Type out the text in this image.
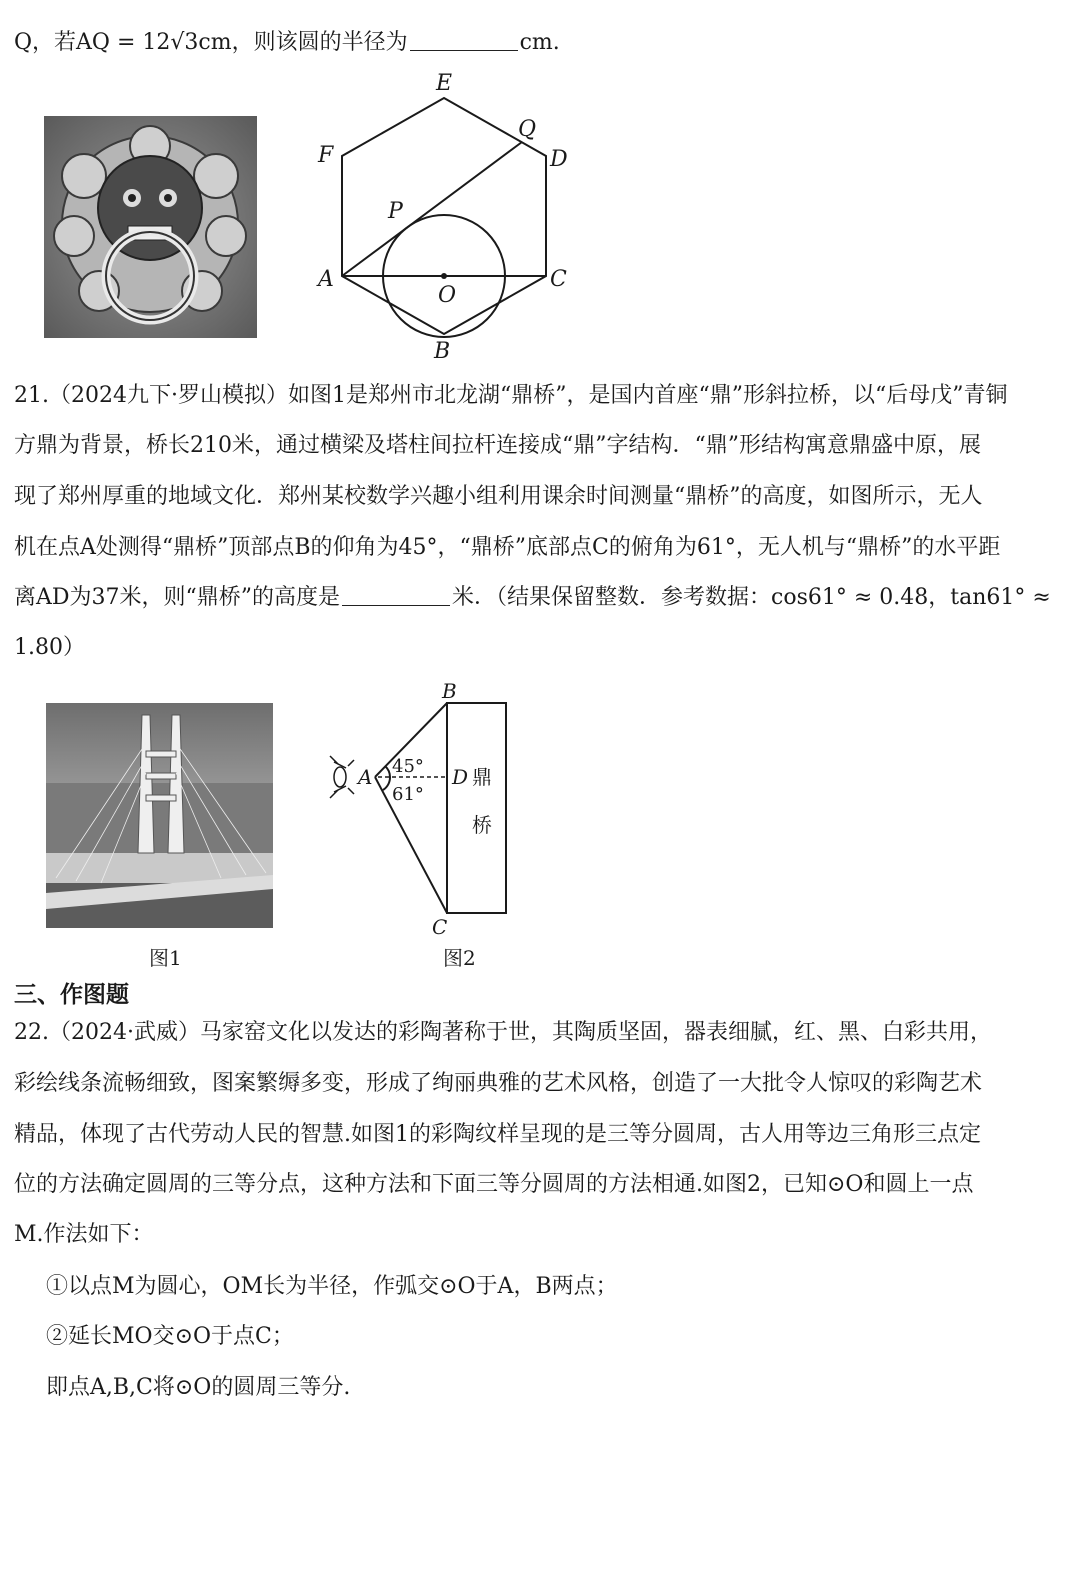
Q，若AQ = 12√3cm，则该圆的半径为	cm.
E
F
Q
D
P
A
O
C
B
21.（2024九下·罗山模拟）如图1是郑州市北龙湖“鼎桥”，是国内首座“鼎”形斜拉桥，以“后母戊”青铜
方鼎为背景，桥长210米，通过横梁及塔柱间拉杆连接成“鼎”字结构．“鼎”形结构寓意鼎盛中原，展
现了郑州厚重的地域文化．郑州某校数学兴趣小组利用课余时间测量“鼎桥”的高度，如图所示，无人
机在点A处测得“鼎桥”顶部点B的仰角为45°，“鼎桥”底部点C的俯角为61°，无人机与“鼎桥”的水平距
离AD为37米，则“鼎桥”的高度是	米．（结果保留整数．参考数据：cos61° ≈ 0.48，tan61° ≈
1.80）
B
A	D
C
45°
61°
鼎
桥
图1	图2
三、作图题
22.（2024·武威）马家窑文化以发达的彩陶著称于世，其陶质坚固，器表细腻，红、黑、白彩共用，
彩绘线条流畅细致，图案繁缛多变，形成了绚丽典雅的艺术风格，创造了一大批令人惊叹的彩陶艺术
精品，体现了古代劳动人民的智慧.如图1的彩陶纹样呈现的是三等分圆周，古人用等边三角形三点定
位的方法确定圆周的三等分点，这种方法和下面三等分圆周的方法相通.如图2，已知⊙O和圆上一点
M.作法如下：
①以点M为圆心，OM长为半径，作弧交⊙O于A，B两点；
②延长MO交⊙O于点C；
即点A,B,C将⊙O的圆周三等分.
